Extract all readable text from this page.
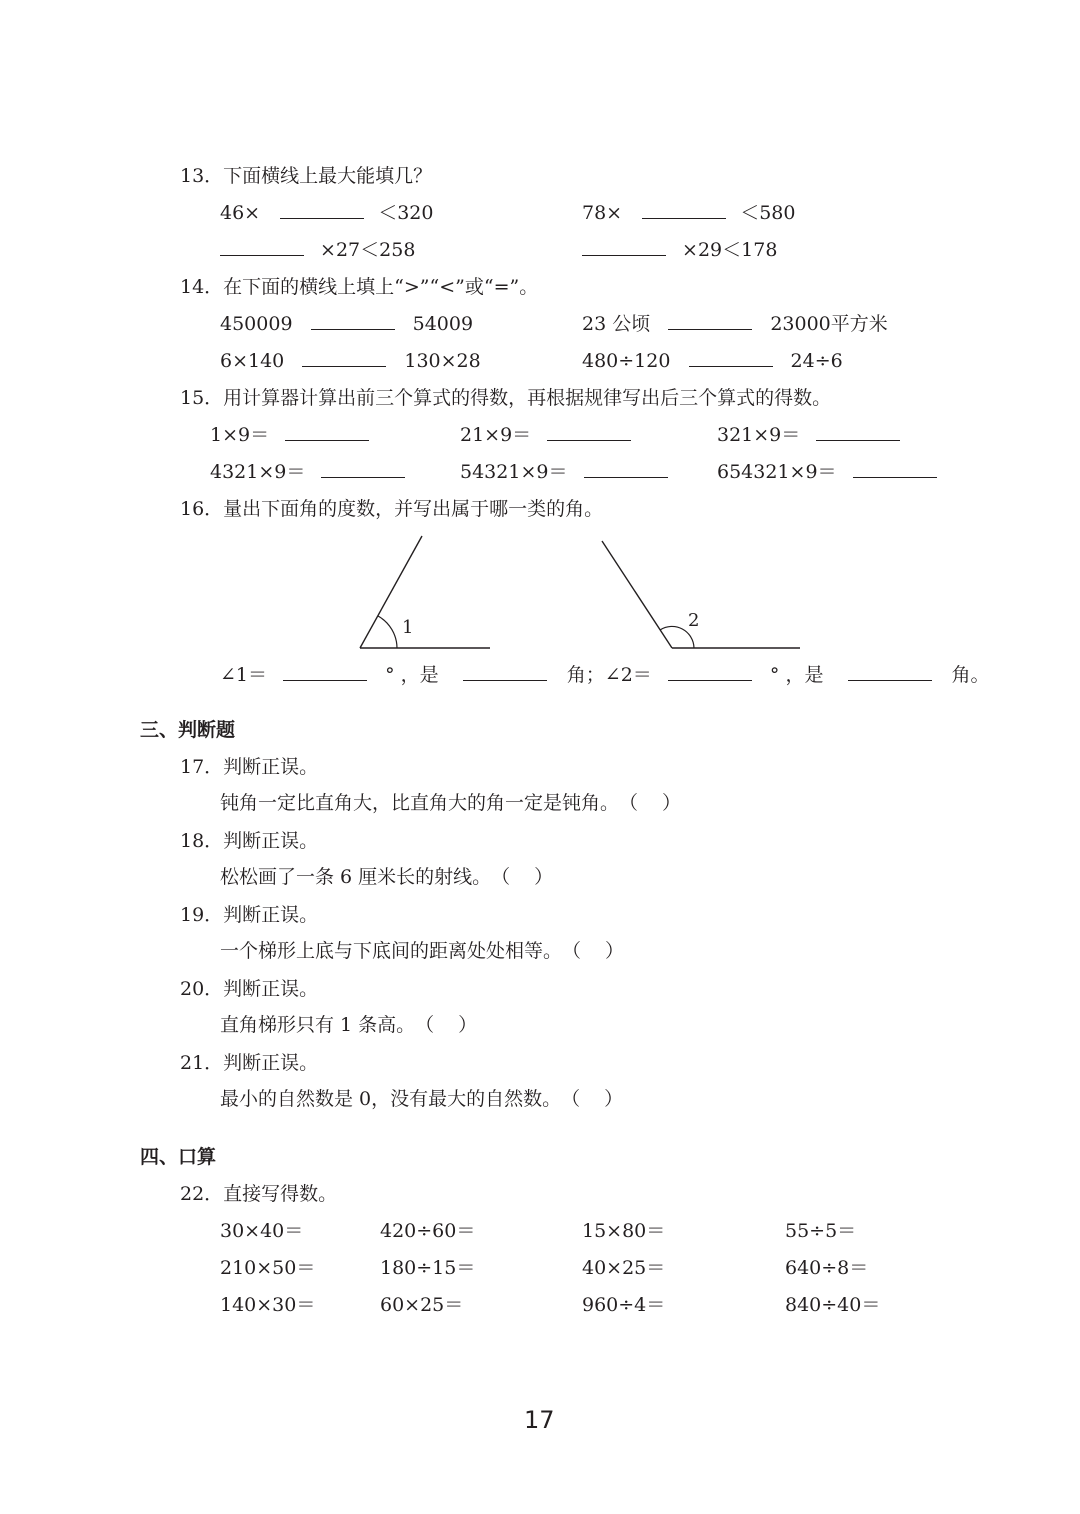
13．下面横线上最大能填几？
46×	＜320	78×	＜580
×27＜258	×29＜178
14．在下面的横线上填上“>”“<”或“=”。
450009	54009	23 公顷	23000平方米
6×140	130×28	480÷120	24÷6
15．用计算器计算出前三个算式的得数，再根据规律写出后三个算式的得数。
1×9＝	21×9＝	321×9＝
4321×9＝	54321×9＝	654321×9＝
16．量出下面角的度数，并写出属于哪一类的角。
1	2
∠1＝	° ，是	角；∠2＝	° ，是	角。
三、判断题
17．判断正误。
钝角一定比直角大，比直角大的角一定是钝角。（ ）
18．判断正误。
松松画了一条 6 厘米长的射线。（ ）
19．判断正误。
一个梯形上底与下底间的距离处处相等。（ ）
20．判断正误。
直角梯形只有 1 条高。（ ）
21．判断正误。
最小的自然数是 0，没有最大的自然数。（ ）
四、口算
22．直接写得数。
30×40＝	420÷60＝	15×80＝	55÷5＝
210×50＝	180÷15＝	40×25＝	640÷8＝
140×30＝	60×25＝	960÷4＝	840÷40＝
17
